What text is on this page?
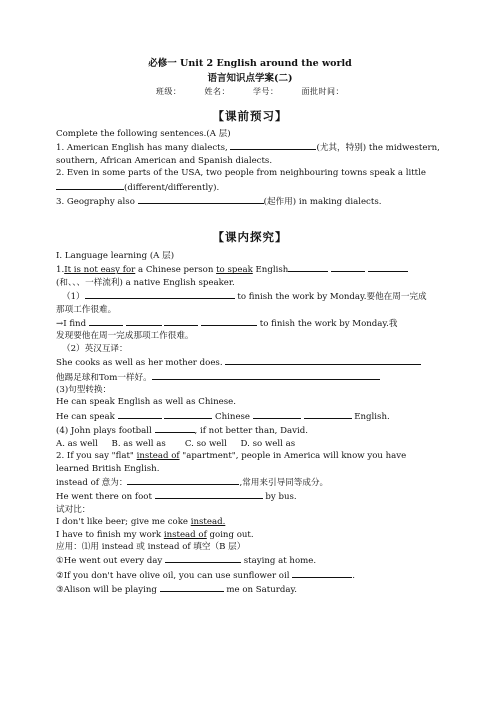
必修一 Unit 2 English around the world
语言知识点学案(二)
班级：	姓名：	学号：	面批时间：
【课前预习】

Complete the following sentences.(A 层)

1. American English has many dialects,	(尤其，特别) the midwestern, southern, African American and Spanish dialects.

2. Even in some parts of the USA, two people from neighbouring towns speak a little (different/differently).

3. Geography also	(起作用) in making dialects.

【课内探究】

I. Language learning (A 层)

1.It is not easy for a Chinese person to speak English

(和、、、一样流利) a native English speaker.

（1）	to finish the work by Monday.要他在周一完成

那项工作很难。

→I find	to finish the work by Monday.我

发现要他在周一完成那项工作很难。

（2）英汉互译：

She cooks as well as her mother does.

他踢足球和Tom一样好。

(3)句型转换：

He can speak English as well as Chinese.

He can speak	Chinese	English.

(4) John plays football	, if not better than, David.

A. as well     B. as well as       C. so well     D. so well as

2. If you say "flat" instead of "apartment", people in America will know you have

learned British English.

instead of 意为：	,常用来引导同等成分。

He went there on foot	by bus.

试对比：

I don't like beer; give me coke instead.

I have to finish my work instead of going out.

应用：⑴用 instead 或 instead of 填空（B 层）

①He went out every day	staying at home.

②If you don't have olive oil, you can use sunflower oil	.

③Alison will be playing	me on Saturday.
